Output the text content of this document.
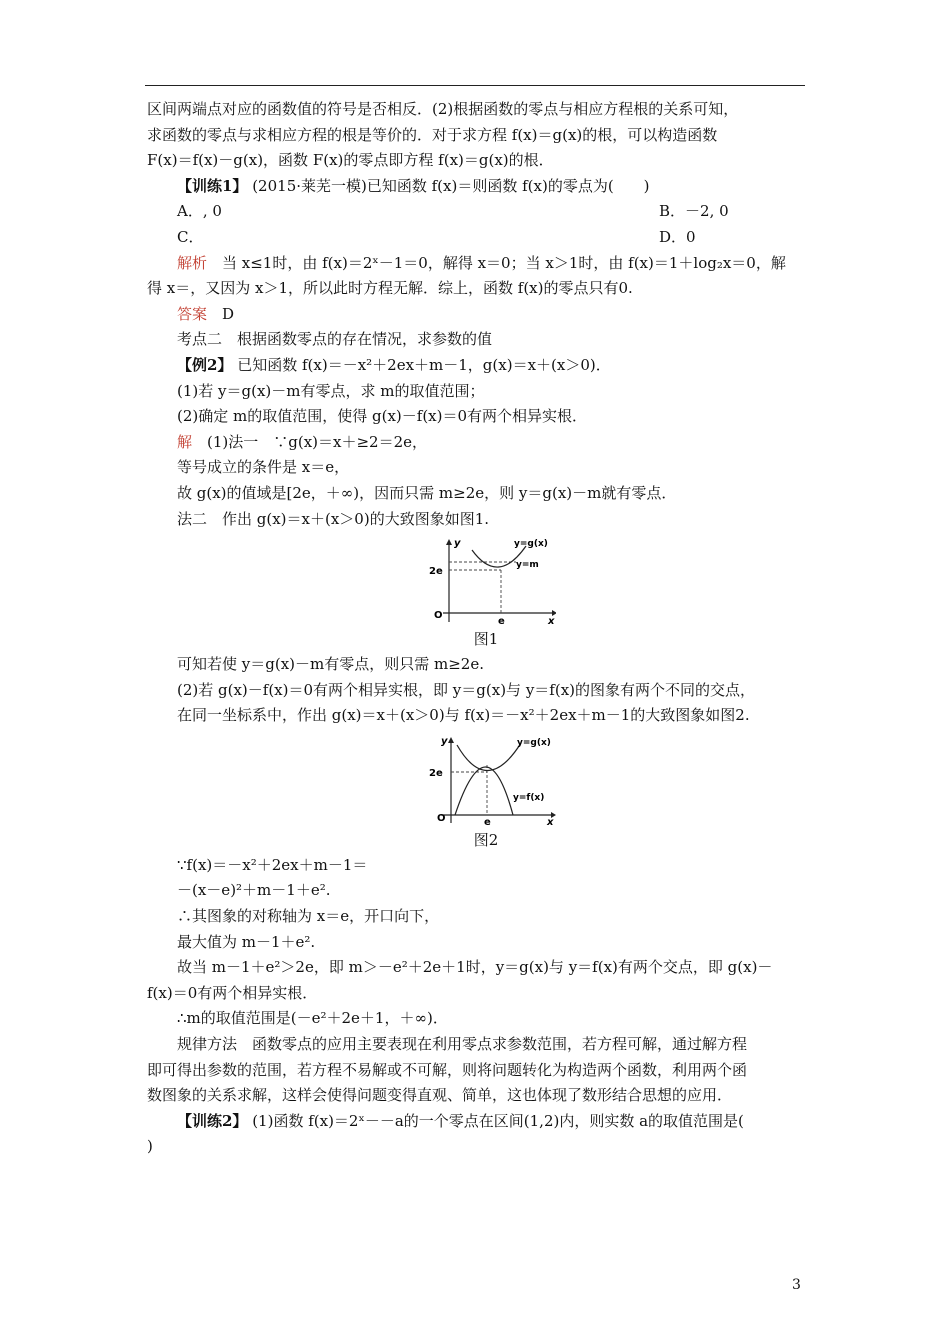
区间两端点对应的函数值的符号是否相反．(2)根据函数的零点与相应方程根的关系可知，
求函数的零点与求相应方程的根是等价的．对于求方程 f(x)＝g(x)的根，可以构造函数
F(x)＝f(x)－g(x)，函数 F(x)的零点即方程 f(x)＝g(x)的根．
【训练1】 (2015·莱芜一模)已知函数 f(x)＝则函数 f(x)的零点为(　　)
A．, 0	B．－2, 0
C．	D．0
解析　当 x≤1时，由 f(x)＝2ˣ－1＝0，解得 x＝0；当 x＞1时，由 f(x)＝1＋log₂x＝0，解
得 x＝，又因为 x＞1，所以此时方程无解．综上，函数 f(x)的零点只有0.
答案　D
考点二　根据函数零点的存在情况，求参数的值
【例2】 已知函数 f(x)＝－x²＋2ex＋m－1，g(x)＝x＋(x＞0)．
(1)若 y＝g(x)－m有零点，求 m的取值范围；
(2)确定 m的取值范围，使得 g(x)－f(x)＝0有两个相异实根．
解　(1)法一　∵g(x)＝x＋≥2＝2e，
等号成立的条件是 x＝e，
故 g(x)的值域是[2e，＋∞)，因而只需 m≥2e，则 y＝g(x)－m就有零点．
法二　作出 g(x)＝x＋(x＞0)的大致图象如图1.
O
y
x
2e
e
y=g(x)
y=m
图1
可知若使 y＝g(x)－m有零点，则只需 m≥2e.
(2)若 g(x)－f(x)＝0有两个相异实根，即 y＝g(x)与 y＝f(x)的图象有两个不同的交点，
在同一坐标系中，作出 g(x)＝x＋(x＞0)与 f(x)＝－x²＋2ex＋m－1的大致图象如图2.
O
y
x
2e
e
y=g(x)
y=f(x)
图2
∵f(x)＝－x²＋2ex＋m－1＝
－(x－e)²＋m－1＋e².
∴其图象的对称轴为 x＝e，开口向下，
最大值为 m－1＋e².
故当 m－1＋e²＞2e，即 m＞－e²＋2e＋1时，y＝g(x)与 y＝f(x)有两个交点，即 g(x)－
f(x)＝0有两个相异实根．
∴m的取值范围是(－e²＋2e＋1，＋∞)．
规律方法　函数零点的应用主要表现在利用零点求参数范围，若方程可解，通过解方程
即可得出参数的范围，若方程不易解或不可解，则将问题转化为构造两个函数，利用两个函
数图象的关系求解，这样会使得问题变得直观、简单，这也体现了数形结合思想的应用．
【训练2】 (1)函数 f(x)＝2ˣ－－a的一个零点在区间(1,2)内，则实数 a的取值范围是(
)
3
